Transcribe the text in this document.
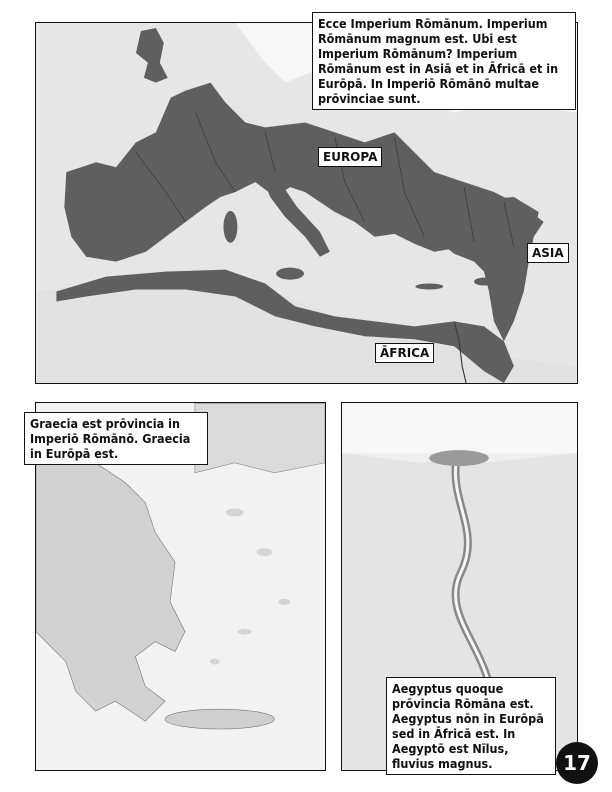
Ecce Imperium Rōmānum. Imperium Rōmānum magnum est. Ubi est Imperium Rōmānum? Imperium Rōmānum est in Asiā et in Āfricā et in Eurōpā. In Imperiō Rōmānō multae prōvinciae sunt.
EUROPA
ASIA
ĀFRICA
Graecia est prōvincia in Imperiō Rōmānō. Graecia in Eurōpā est.
Aegyptus quoque prōvincia Rōmāna est. Aegyptus nōn in Eurōpā sed in Āfricā est. In Aegyptō est Nīlus, fluvius magnus.	17
